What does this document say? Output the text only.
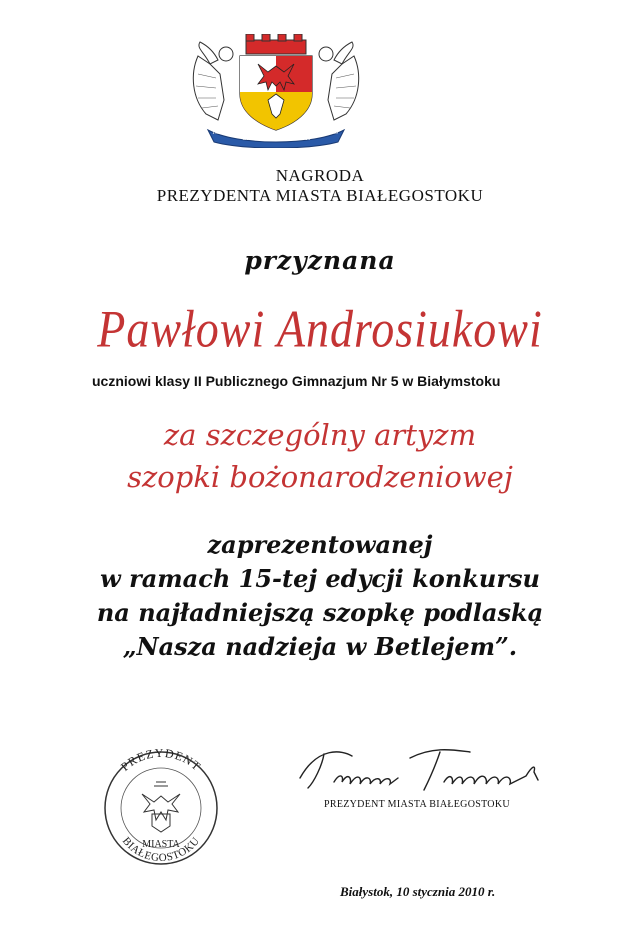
CIVITAS BIAŁYSTOK
1692	1749
NAGRODA
PREZYDENTA MIASTA BIAŁEGOSTOKU
przyznana
Pawłowi Androsiukowi
uczniowi klasy II Publicznego Gimnazjum Nr 5 w Białymstoku
za szczególny artyzm
szopki bożonarodzeniowej
zaprezentowanej
w ramach 15-tej edycji konkursu
na najładniejszą szopkę podlaską
„Nasza nadzieja w Betlejem”.
PREZYDENT
MIASTA
BIAŁEGOSTOKU
PREZYDENT MIASTA BIAŁEGOSTOKU
Białystok, 10 stycznia 2010 r.
